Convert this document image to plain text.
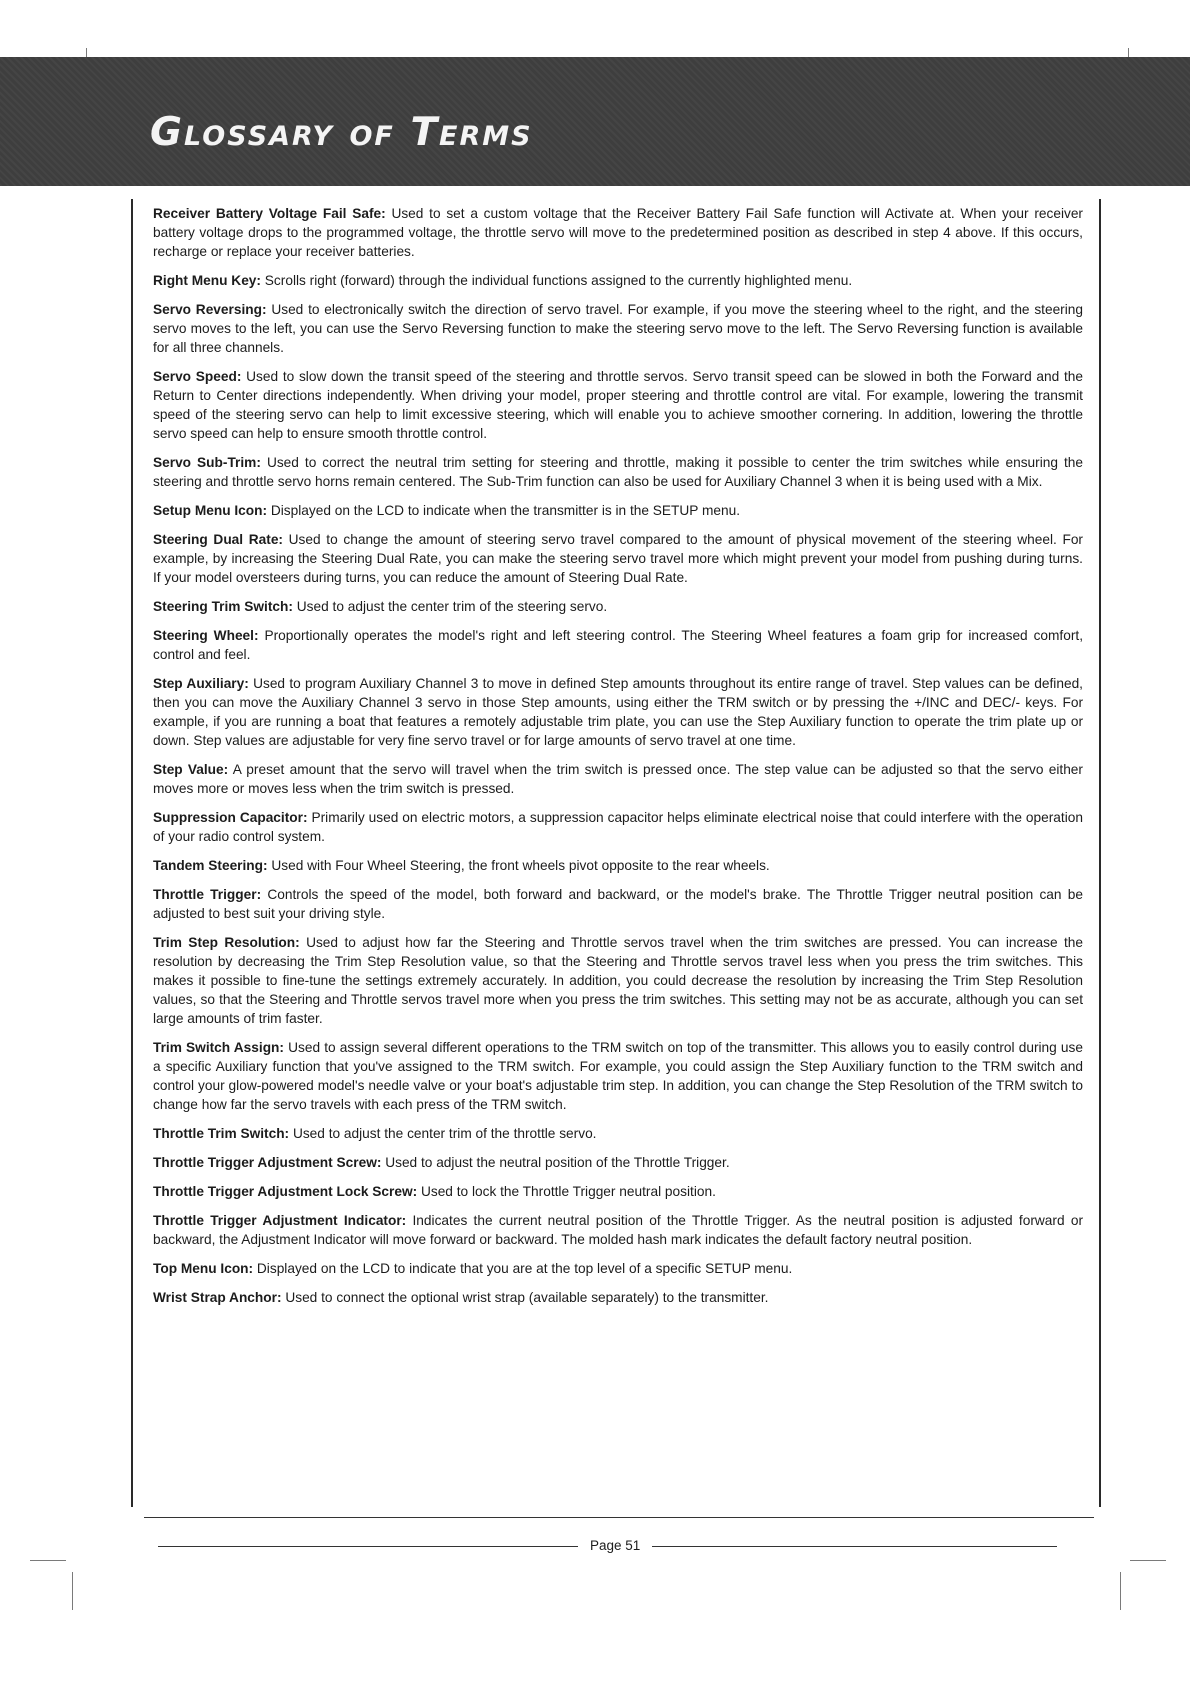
Glossary of Terms

Receiver Battery Voltage Fail Safe: Used to set a custom voltage that the Receiver Battery Fail Safe function will Activate at. When your receiver battery voltage drops to the programmed voltage, the throttle servo will move to the predetermined position as described in step 4 above. If this occurs, recharge or replace your receiver batteries.

Right Menu Key: Scrolls right (forward) through the individual functions assigned to the currently highlighted menu.

Servo Reversing: Used to electronically switch the direction of servo travel. For example, if you move the steering wheel to the right, and the steering servo moves to the left, you can use the Servo Reversing function to make the steering servo move to the left. The Servo Reversing function is available for all three channels.

Servo Speed: Used to slow down the transit speed of the steering and throttle servos. Servo transit speed can be slowed in both the Forward and the Return to Center directions independently. When driving your model, proper steering and throttle control are vital. For example, lowering the transmit speed of the steering servo can help to limit excessive steering, which will enable you to achieve smoother cornering. In addition, lowering the throttle servo speed can help to ensure smooth throttle control.

Servo Sub-Trim: Used to correct the neutral trim setting for steering and throttle, making it possible to center the trim switches while ensuring the steering and throttle servo horns remain centered. The Sub-Trim function can also be used for Auxiliary Channel 3 when it is being used with a Mix.

Setup Menu Icon: Displayed on the LCD to indicate when the transmitter is in the SETUP menu.

Steering Dual Rate: Used to change the amount of steering servo travel compared to the amount of physical movement of the steering wheel. For example, by increasing the Steering Dual Rate, you can make the steering servo travel more which might prevent your model from pushing during turns. If your model oversteers during turns, you can reduce the amount of Steering Dual Rate.

Steering Trim Switch: Used to adjust the center trim of the steering servo.

Steering Wheel: Proportionally operates the model's right and left steering control. The Steering Wheel features a foam grip for increased comfort, control and feel.

Step Auxiliary: Used to program Auxiliary Channel 3 to move in defined Step amounts throughout its entire range of travel. Step values can be defined, then you can move the Auxiliary Channel 3 servo in those Step amounts, using either the TRM switch or by pressing the +/INC and DEC/- keys. For example, if you are running a boat that features a remotely adjustable trim plate, you can use the Step Auxiliary function to operate the trim plate up or down. Step values are adjustable for very fine servo travel or for large amounts of servo travel at one time.

Step Value: A preset amount that the servo will travel when the trim switch is pressed once. The step value can be adjusted so that the servo either moves more or moves less when the trim switch is pressed.

Suppression Capacitor: Primarily used on electric motors, a suppression capacitor helps eliminate electrical noise that could interfere with the operation of your radio control system.

Tandem Steering: Used with Four Wheel Steering, the front wheels pivot opposite to the rear wheels.

Throttle Trigger: Controls the speed of the model, both forward and backward, or the model's brake. The Throttle Trigger neutral position can be adjusted to best suit your driving style.

Trim Step Resolution: Used to adjust how far the Steering and Throttle servos travel when the trim switches are pressed. You can increase the resolution by decreasing the Trim Step Resolution value, so that the Steering and Throttle servos travel less when you press the trim switches. This makes it possible to fine-tune the settings extremely accurately. In addition, you could decrease the resolution by increasing the Trim Step Resolution values, so that the Steering and Throttle servos travel more when you press the trim switches. This setting may not be as accurate, although you can set large amounts of trim faster.

Trim Switch Assign: Used to assign several different operations to the TRM switch on top of the transmitter. This allows you to easily control during use a specific Auxiliary function that you've assigned to the TRM switch. For example, you could assign the Step Auxiliary function to the TRM switch and control your glow-powered model's needle valve or your boat's adjustable trim step. In addition, you can change the Step Resolution of the TRM switch to change how far the servo travels with each press of the TRM switch.

Throttle Trim Switch: Used to adjust the center trim of the throttle servo.

Throttle Trigger Adjustment Screw: Used to adjust the neutral position of the Throttle Trigger.

Throttle Trigger Adjustment Lock Screw: Used to lock the Throttle Trigger neutral position.

Throttle Trigger Adjustment Indicator: Indicates the current neutral position of the Throttle Trigger. As the neutral position is adjusted forward or backward, the Adjustment Indicator will move forward or backward. The molded hash mark indicates the default factory neutral position.

Top Menu Icon: Displayed on the LCD to indicate that you are at the top level of a specific SETUP menu.

Wrist Strap Anchor: Used to connect the optional wrist strap (available separately) to the transmitter.

Page 51
